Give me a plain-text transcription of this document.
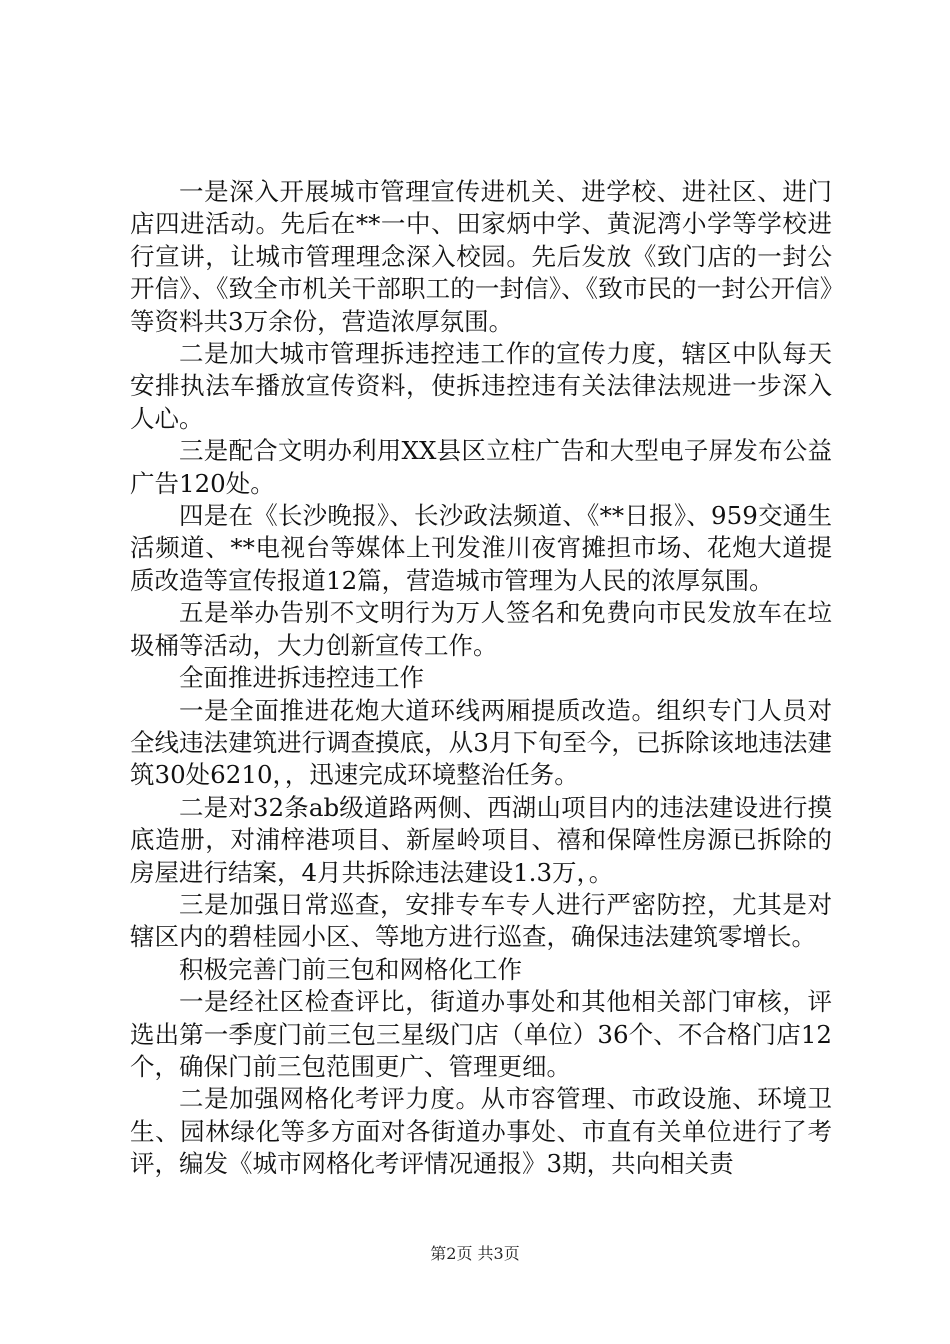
一是深入开展城市管理宣传进机关、进学校、进社区、进门店四进活动。先后在**一中、田家炳中学、黄泥湾小学等学校进行宣讲，让城市管理理念深入校园。先后发放《致门店的一封公开信》、《致全市机关干部职工的一封信》、《致市民的一封公开信》等资料共3万余份，营造浓厚氛围。

二是加大城市管理拆违控违工作的宣传力度，辖区中队每天安排执法车播放宣传资料，使拆违控违有关法律法规进一步深入人心。

三是配合文明办利用XX县区立柱广告和大型电子屏发布公益广告120处。

四是在《长沙晚报》、长沙政法频道、《**日报》、959交通生活频道、**电视台等媒体上刊发淮川夜宵摊担市场、花炮大道提质改造等宣传报道12篇，营造城市管理为人民的浓厚氛围。

五是举办告别不文明行为万人签名和免费向市民发放车在垃圾桶等活动，大力创新宣传工作。

全面推进拆违控违工作

一是全面推进花炮大道环线两厢提质改造。组织专门人员对全线违法建筑进行调查摸底，从3月下旬至今，已拆除该地违法建筑30处6210，，迅速完成环境整治任务。

二是对32条ab级道路两侧、西湖山项目内的违法建设进行摸底造册，对浦梓港项目、新屋岭项目、禧和保障性房源已拆除的房屋进行结案，4月共拆除违法建设1.3万，。

三是加强日常巡查，安排专车专人进行严密防控，尤其是对辖区内的碧桂园小区、等地方进行巡查，确保违法建筑零增长。

积极完善门前三包和网格化工作

一是经社区检查评比，街道办事处和其他相关部门审核，评选出第一季度门前三包三星级门店（单位）36个、不合格门店12个，确保门前三包范围更广、管理更细。

二是加强网格化考评力度。从市容管理、市政设施、环境卫生、园林绿化等多方面对各街道办事处、市直有关单位进行了考评，编发《城市网格化考评情况通报》3期，共向相关责

第2页 共3页
